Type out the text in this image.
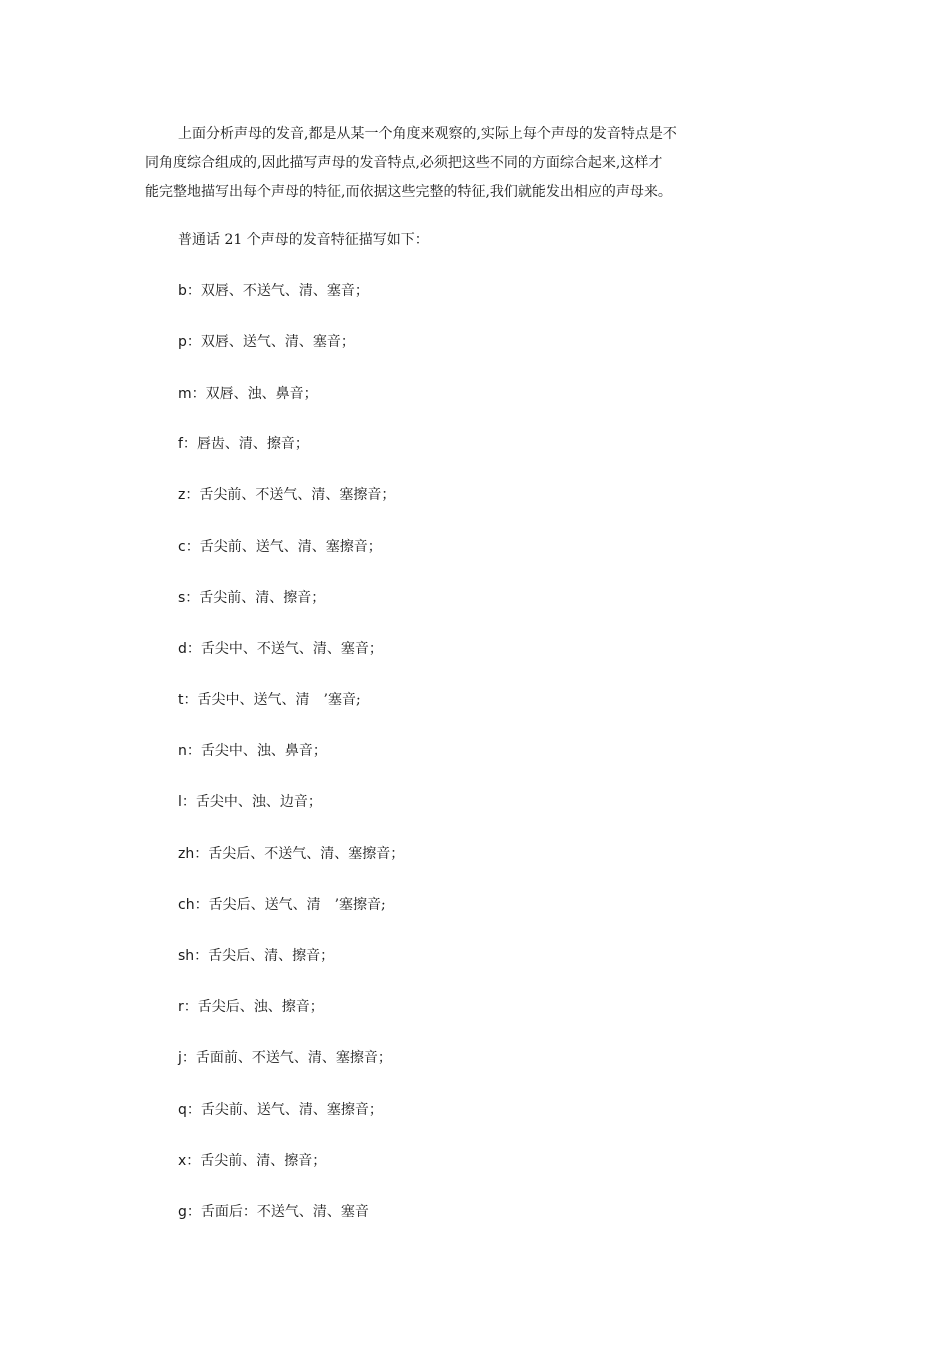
上面分析声母的发音,都是从某一个角度来观察的,实际上每个声母的发音特点是不
同角度综合组成的,因此描写声母的发音特点,必须把这些不同的方面综合起来,这样才
能完整地描写出每个声母的特征,而依据这些完整的特征,我们就能发出相应的声母来。
普通话 21 个声母的发音特征描写如下：
b：双唇、不送气、清、塞音；
p：双唇、送气、清、塞音；
m：双唇、浊、鼻音；
f：唇齿、清、擦音；
z：舌尖前、不送气、清、塞擦音；
c：舌尖前、送气、清、塞擦音；
s：舌尖前、清、擦音；
d：舌尖中、不送气、清、塞音；
t：舌尖中、送气、清　’塞音;
n：舌尖中、浊、鼻音；
l：舌尖中、浊、边音；
zh：舌尖后、不送气、清、塞擦音；
ch：舌尖后、送气、清　’塞擦音;
sh：舌尖后、清、擦音；
r：舌尖后、浊、擦音；
j：舌面前、不送气、清、塞擦音；
q：舌尖前、送气、清、塞擦音；
x：舌尖前、清、擦音；
g：舌面后：不送气、清、塞音
